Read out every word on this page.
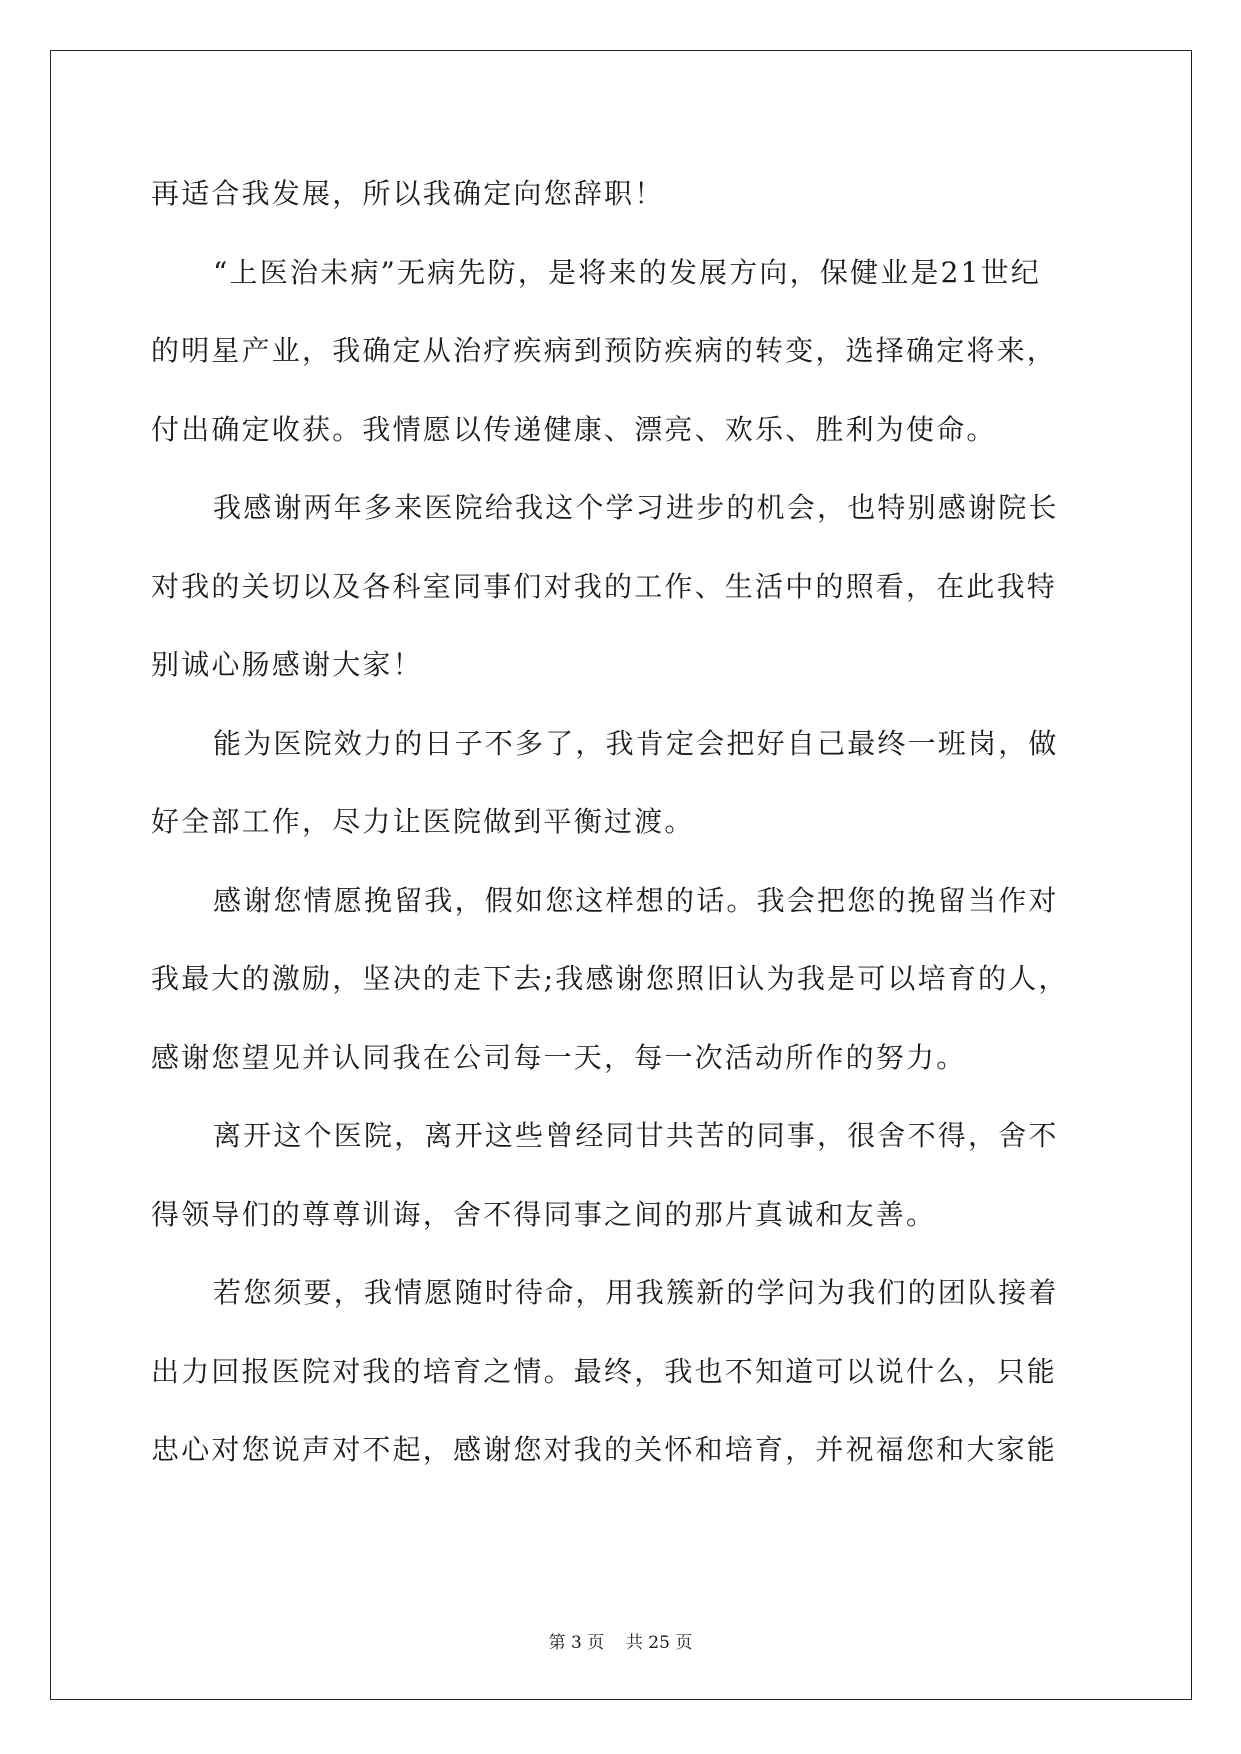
再适合我发展，所以我确定向您辞职！
“上医治未病”无病先防，是将来的发展方向，保健业是21世纪
的明星产业，我确定从治疗疾病到预防疾病的转变，选择确定将来，
付出确定收获。我情愿以传递健康、漂亮、欢乐、胜利为使命。
我感谢两年多来医院给我这个学习进步的机会，也特别感谢院长
对我的关切以及各科室同事们对我的工作、生活中的照看，在此我特
别诚心肠感谢大家！
能为医院效力的日子不多了，我肯定会把好自己最终一班岗，做
好全部工作，尽力让医院做到平衡过渡。
感谢您情愿挽留我，假如您这样想的话。我会把您的挽留当作对
我最大的激励，坚决的走下去;我感谢您照旧认为我是可以培育的人，
感谢您望见并认同我在公司每一天，每一次活动所作的努力。
离开这个医院，离开这些曾经同甘共苦的同事，很舍不得，舍不
得领导们的尊尊训诲，舍不得同事之间的那片真诚和友善。
若您须要，我情愿随时待命，用我簇新的学问为我们的团队接着
出力回报医院对我的培育之情。最终，我也不知道可以说什么，只能
忠心对您说声对不起，感谢您对我的关怀和培育，并祝福您和大家能
第 3 页    共 25 页
